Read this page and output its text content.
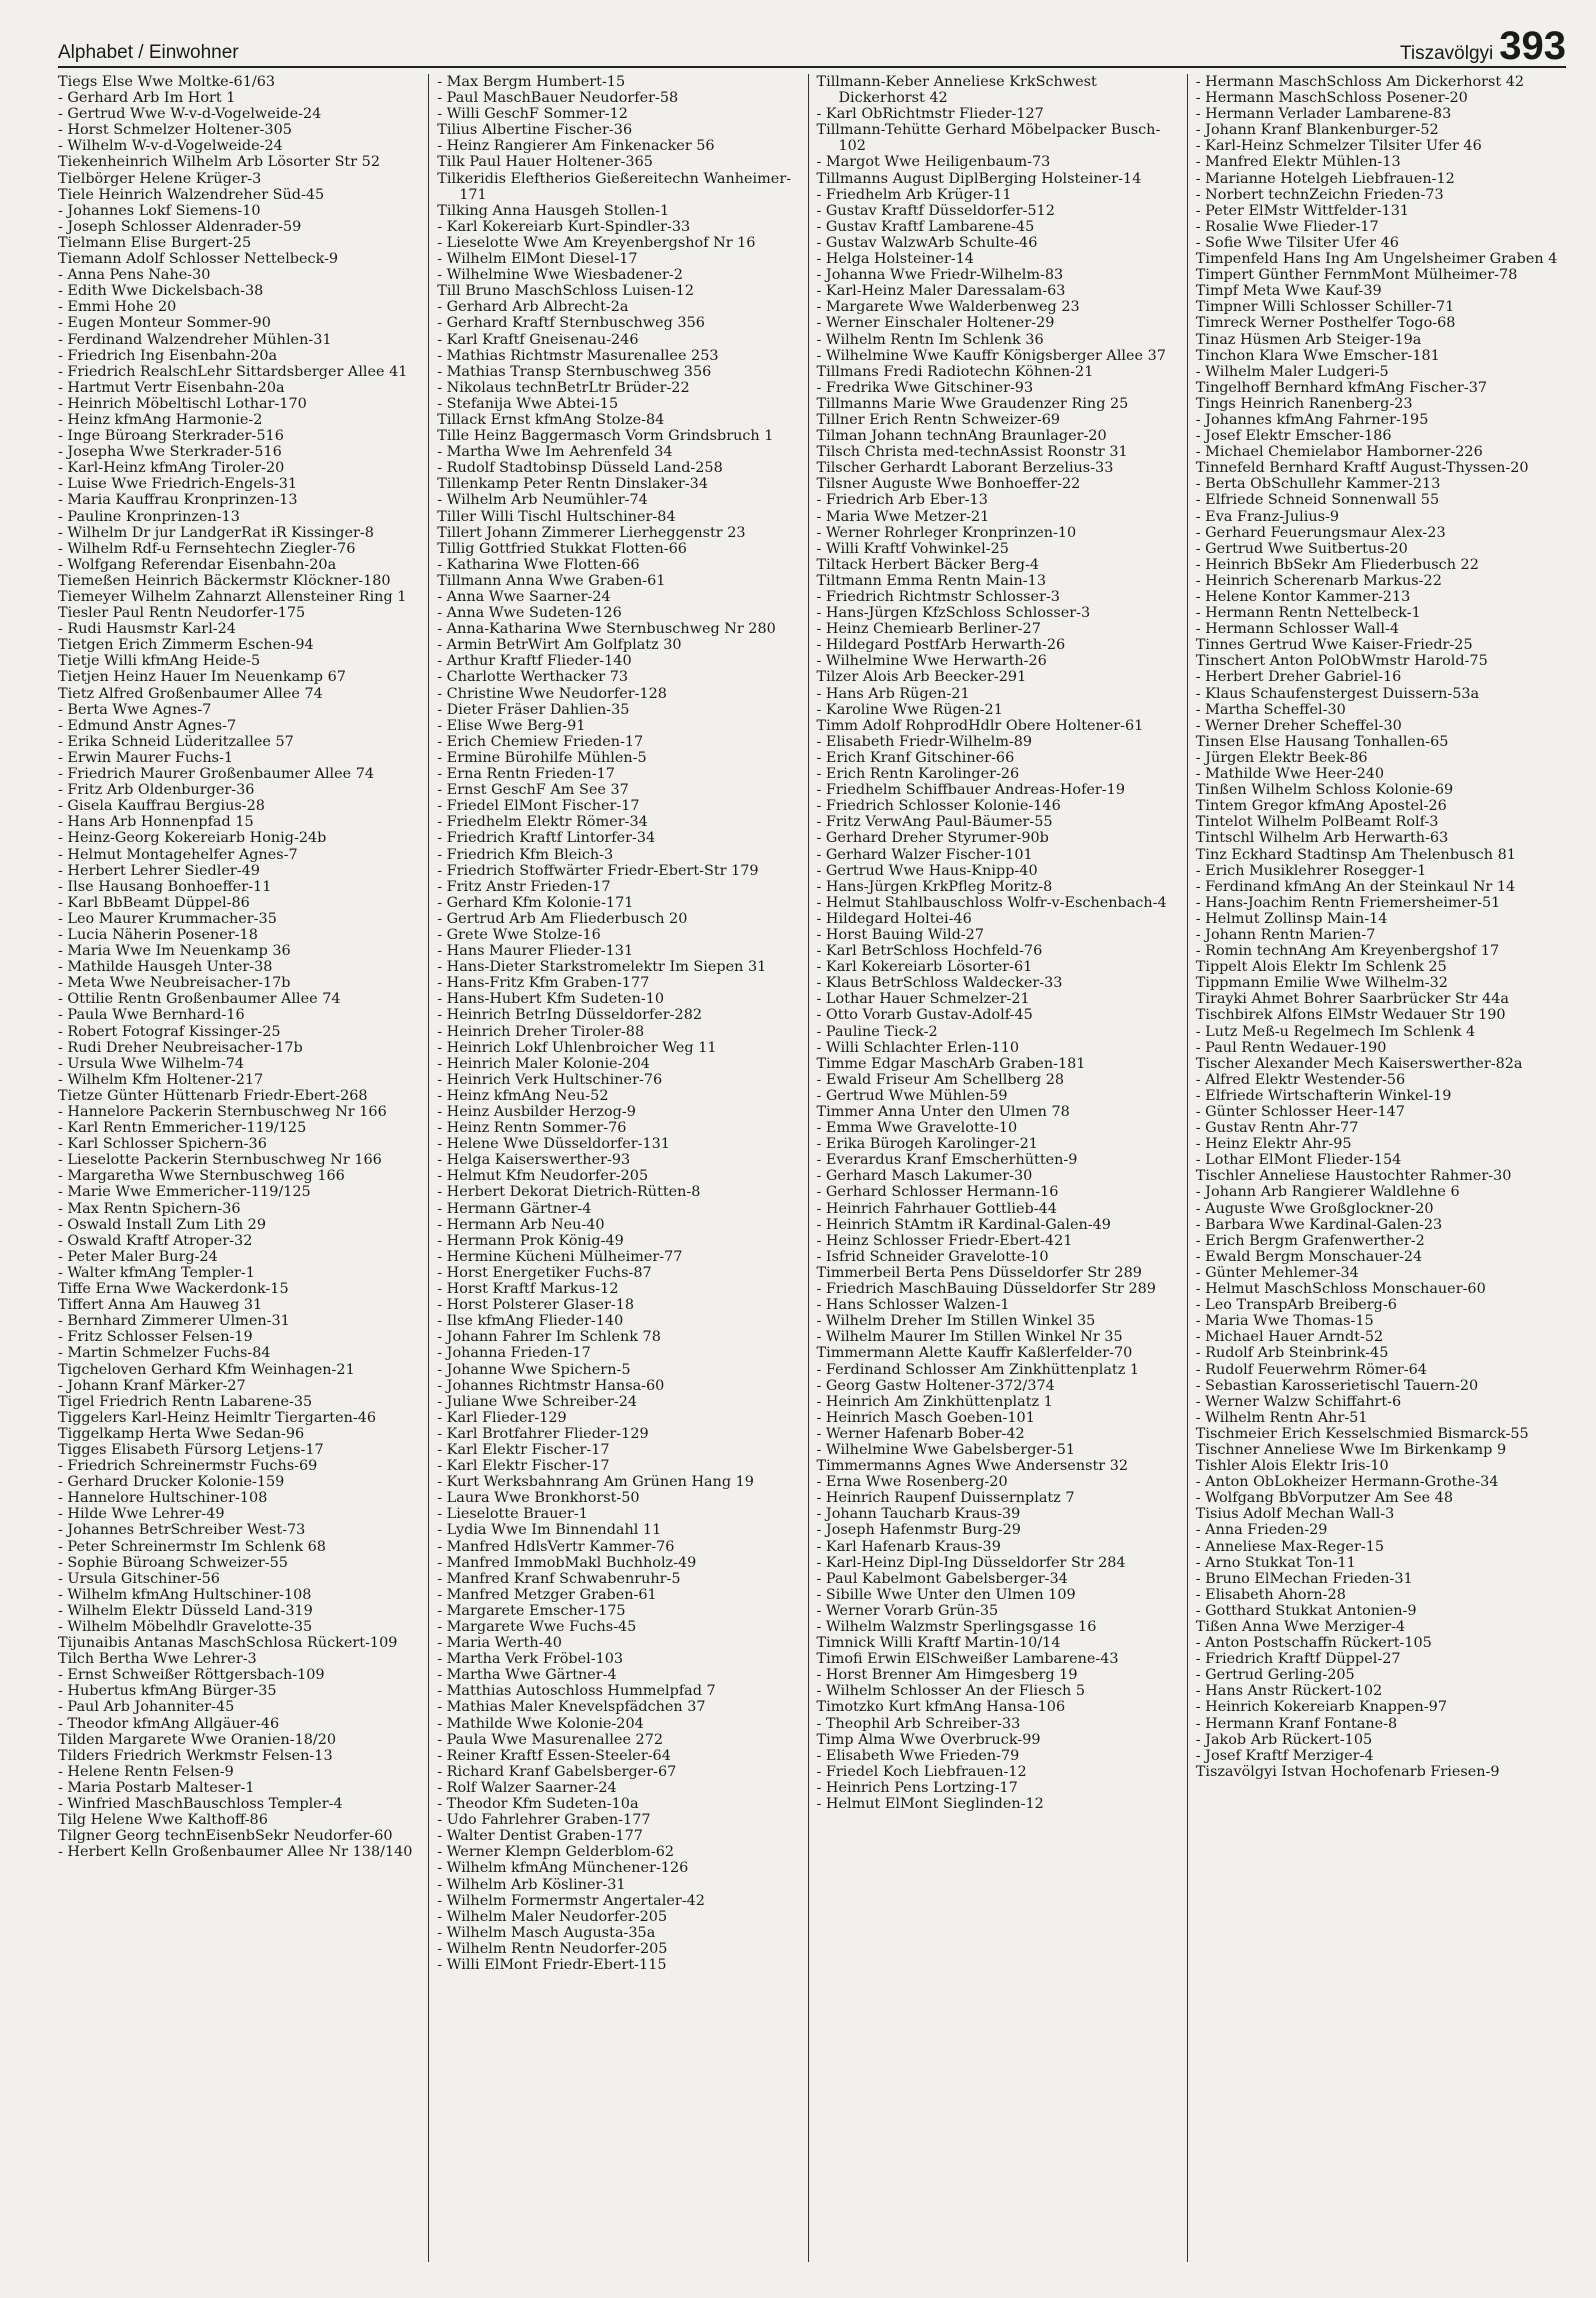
Alphabet / Einwohner	Tiszavölgyi 393
Tiegs Else Wwe Moltke-61/63
- Gerhard Arb Im Hort 1
- Gertrud Wwe W-v-d-Vogelweide-24
- Horst Schmelzer Holtener-305
- Wilhelm W-v-d-Vogelweide-24
Tiekenheinrich Wilhelm Arb Lösorter Str 52
Tielbörger Helene Krüger-3
Tiele Heinrich Walzendreher Süd-45
- Johannes Lokf Siemens-10
- Joseph Schlosser Aldenrader-59
Tielmann Elise Burgert-25
Tiemann Adolf Schlosser Nettelbeck-9
- Anna Pens Nahe-30
- Edith Wwe Dickelsbach-38
- Emmi Hohe 20
- Eugen Monteur Sommer-90
- Ferdinand Walzendreher Mühlen-31
- Friedrich Ing Eisenbahn-20a
- Friedrich RealschLehr Sittardsberger Allee 41
- Hartmut Vertr Eisenbahn-20a
- Heinrich Möbeltischl Lothar-170
- Heinz kfmAng Harmonie-2
- Inge Büroang Sterkrader-516
- Josepha Wwe Sterkrader-516
- Karl-Heinz kfmAng Tiroler-20
- Luise Wwe Friedrich-Engels-31
- Maria Kauffrau Kronprinzen-13
- Pauline Kronprinzen-13
- Wilhelm Dr jur LandgerRat iR Kissinger-8
- Wilhelm Rdf-u Fernsehtechn Ziegler-76
- Wolfgang Referendar Eisenbahn-20a
Tiemeßen Heinrich Bäckermstr Klöckner-180
Tiemeyer Wilhelm Zahnarzt Allensteiner Ring 1
Tiesler Paul Rentn Neudorfer-175
- Rudi Hausmstr Karl-24
Tietgen Erich Zimmerm Eschen-94
Tietje Willi kfmAng Heide-5
Tietjen Heinz Hauer Im Neuenkamp 67
Tietz Alfred Großenbaumer Allee 74
- Berta Wwe Agnes-7
- Edmund Anstr Agnes-7
- Erika Schneid Lüderitzallee 57
- Erwin Maurer Fuchs-1
- Friedrich Maurer Großenbaumer Allee 74
- Fritz Arb Oldenburger-36
- Gisela Kauffrau Bergius-28
- Hans Arb Honnenpfad 15
- Heinz-Georg Kokereiarb Honig-24b
- Helmut Montagehelfer Agnes-7
- Herbert Lehrer Siedler-49
- Ilse Hausang Bonhoeffer-11
- Karl BbBeamt Düppel-86
- Leo Maurer Krummacher-35
- Lucia Näherin Posener-18
- Maria Wwe Im Neuenkamp 36
- Mathilde Hausgeh Unter-38
- Meta Wwe Neubreisacher-17b
- Ottilie Rentn Großenbaumer Allee 74
- Paula Wwe Bernhard-16
- Robert Fotograf Kissinger-25
- Rudi Dreher Neubreisacher-17b
- Ursula Wwe Wilhelm-74
- Wilhelm Kfm Holtener-217
Tietze Günter Hüttenarb Friedr-Ebert-268
- Hannelore Packerin Sternbuschweg Nr 166
- Karl Rentn Emmericher-119/125
- Karl Schlosser Spichern-36
- Lieselotte Packerin Sternbuschweg Nr 166
- Margaretha Wwe Sternbuschweg 166
- Marie Wwe Emmericher-119/125
- Max Rentn Spichern-36
- Oswald Install Zum Lith 29
- Oswald Kraftf Atroper-32
- Peter Maler Burg-24
- Walter kfmAng Templer-1
Tiffe Erna Wwe Wackerdonk-15
Tiffert Anna Am Hauweg 31
- Bernhard Zimmerer Ulmen-31
- Fritz Schlosser Felsen-19
- Martin Schmelzer Fuchs-84
Tigcheloven Gerhard Kfm Weinhagen-21
- Johann Kranf Märker-27
Tigel Friedrich Rentn Labarene-35
Tiggelers Karl-Heinz Heimltr Tiergarten-46
Tiggelkamp Herta Wwe Sedan-96
Tigges Elisabeth Fürsorg Letjens-17
- Friedrich Schreinermstr Fuchs-69
- Gerhard Drucker Kolonie-159
- Hannelore Hultschiner-108
- Hilde Wwe Lehrer-49
- Johannes BetrSchreiber West-73
- Peter Schreinermstr Im Schlenk 68
- Sophie Büroang Schweizer-55
- Ursula Gitschiner-56
- Wilhelm kfmAng Hultschiner-108
- Wilhelm Elektr Düsseld Land-319
- Wilhelm Möbelhdlr Gravelotte-35
Tijunaibis Antanas MaschSchlosa Rückert-109
Tilch Bertha Wwe Lehrer-3
- Ernst Schweißer Röttgersbach-109
- Hubertus kfmAng Bürger-35
- Paul Arb Johanniter-45
- Theodor kfmAng Allgäuer-46
Tilden Margarete Wwe Oranien-18/20
Tilders Friedrich Werkmstr Felsen-13
- Helene Rentn Felsen-9
- Maria Postarb Malteser-1
- Winfried MaschBauschloss Templer-4
Tilg Helene Wwe Kalthoff-86
Tilgner Georg technEisenbSekr Neudorfer-60
- Herbert Kelln Großenbaumer Allee Nr 138/140
- Max Bergm Humbert-15
- Paul MaschBauer Neudorfer-58
- Willi GeschF Sommer-12
Tilius Albertine Fischer-36
- Heinz Rangierer Am Finkenacker 56
Tilk Paul Hauer Holtener-365
Tilkeridis Eleftherios Gießereitechn Wanheimer-171
Tilking Anna Hausgeh Stollen-1
- Karl Kokereiarb Kurt-Spindler-33
- Lieselotte Wwe Am Kreyenbergshof Nr 16
- Wilhelm ElMont Diesel-17
- Wilhelmine Wwe Wiesbadener-2
Till Bruno MaschSchloss Luisen-12
- Gerhard Arb Albrecht-2a
- Gerhard Kraftf Sternbuschweg 356
- Karl Kraftf Gneisenau-246
- Mathias Richtmstr Masurenallee 253
- Mathias Transp Sternbuschweg 356
- Nikolaus technBetrLtr Brüder-22
- Stefanija Wwe Abtei-15
Tillack Ernst kfmAng Stolze-84
Tille Heinz Baggermasch Vorm Grindsbruch 1
- Martha Wwe Im Aehrenfeld 34
- Rudolf Stadtobinsp Düsseld Land-258
Tillenkamp Peter Rentn Dinslaker-34
- Wilhelm Arb Neumühler-74
Tiller Willi Tischl Hultschiner-84
Tillert Johann Zimmerer Lierheggenstr 23
Tillig Gottfried Stukkat Flotten-66
- Katharina Wwe Flotten-66
Tillmann Anna Wwe Graben-61
- Anna Wwe Saarner-24
- Anna Wwe Sudeten-126
- Anna-Katharina Wwe Sternbuschweg Nr 280
- Armin BetrWirt Am Golfplatz 30
- Arthur Kraftf Flieder-140
- Charlotte Werthacker 73
- Christine Wwe Neudorfer-128
- Dieter Fräser Dahlien-35
- Elise Wwe Berg-91
- Erich Chemiew Frieden-17
- Ermine Bürohilfe Mühlen-5
- Erna Rentn Frieden-17
- Ernst GeschF Am See 37
- Friedel ElMont Fischer-17
- Friedhelm Elektr Römer-34
- Friedrich Kraftf Lintorfer-34
- Friedrich Kfm Bleich-3
- Friedrich Stoffwärter Friedr-Ebert-Str 179
- Fritz Anstr Frieden-17
- Gerhard Kfm Kolonie-171
- Gertrud Arb Am Fliederbusch 20
- Grete Wwe Stolze-16
- Hans Maurer Flieder-131
- Hans-Dieter Starkstromelektr Im Siepen 31
- Hans-Fritz Kfm Graben-177
- Hans-Hubert Kfm Sudeten-10
- Heinrich BetrIng Düsseldorfer-282
- Heinrich Dreher Tiroler-88
- Heinrich Lokf Uhlenbroicher Weg 11
- Heinrich Maler Kolonie-204
- Heinrich Verk Hultschiner-76
- Heinz kfmAng Neu-52
- Heinz Ausbilder Herzog-9
- Heinz Rentn Sommer-76
- Helene Wwe Düsseldorfer-131
- Helga Kaiserswerther-93
- Helmut Kfm Neudorfer-205
- Herbert Dekorat Dietrich-Rütten-8
- Hermann Gärtner-4
- Hermann Arb Neu-40
- Hermann Prok König-49
- Hermine Kücheni Mülheimer-77
- Horst Energetiker Fuchs-87
- Horst Kraftf Markus-12
- Horst Polsterer Glaser-18
- Ilse kfmAng Flieder-140
- Johann Fahrer Im Schlenk 78
- Johanna Frieden-17
- Johanne Wwe Spichern-5
- Johannes Richtmstr Hansa-60
- Juliane Wwe Schreiber-24
- Karl Flieder-129
- Karl Brotfahrer Flieder-129
- Karl Elektr Fischer-17
- Karl Elektr Fischer-17
- Kurt Werksbahnrang Am Grünen Hang 19
- Laura Wwe Bronkhorst-50
- Lieselotte Brauer-1
- Lydia Wwe Im Binnendahl 11
- Manfred HdlsVertr Kammer-76
- Manfred ImmobMakl Buchholz-49
- Manfred Kranf Schwabenruhr-5
- Manfred Metzger Graben-61
- Margarete Emscher-175
- Margarete Wwe Fuchs-45
- Maria Werth-40
- Martha Verk Fröbel-103
- Martha Wwe Gärtner-4
- Matthias Autoschloss Hummelpfad 7
- Mathias Maler Knevelspfädchen 37
- Mathilde Wwe Kolonie-204
- Paula Wwe Masurenallee 272
- Reiner Kraftf Essen-Steeler-64
- Richard Kranf Gabelsberger-67
- Rolf Walzer Saarner-24
- Theodor Kfm Sudeten-10a
- Udo Fahrlehrer Graben-177
- Walter Dentist Graben-177
- Werner Klempn Gelderblom-62
- Wilhelm kfmAng Münchener-126
- Wilhelm Arb Kösliner-31
- Wilhelm Formermstr Angertaler-42
- Wilhelm Maler Neudorfer-205
- Wilhelm Masch Augusta-35a
- Wilhelm Rentn Neudorfer-205
- Willi ElMont Friedr-Ebert-115
Tillmann-Keber Anneliese KrkSchwest Dickerhorst 42
- Karl ObRichtmstr Flieder-127
Tillmann-Tehütte Gerhard Möbelpacker Busch-102
- Margot Wwe Heiligenbaum-73
Tillmanns August DiplBerging Holsteiner-14
- Friedhelm Arb Krüger-11
- Gustav Kraftf Düsseldorfer-512
- Gustav Kraftf Lambarene-45
- Gustav WalzwArb Schulte-46
- Helga Holsteiner-14
- Johanna Wwe Friedr-Wilhelm-83
- Karl-Heinz Maler Daressalam-63
- Margarete Wwe Walderbenweg 23
- Werner Einschaler Holtener-29
- Wilhelm Rentn Im Schlenk 36
- Wilhelmine Wwe Kauffr Königsberger Allee 37
Tillmans Fredi Radiotechn Köhnen-21
- Fredrika Wwe Gitschiner-93
Tillmanns Marie Wwe Graudenzer Ring 25
Tillner Erich Rentn Schweizer-69
Tilman Johann technAng Braunlager-20
Tilsch Christa med-technAssist Roonstr 31
Tilscher Gerhardt Laborant Berzelius-33
Tilsner Auguste Wwe Bonhoeffer-22
- Friedrich Arb Eber-13
- Maria Wwe Metzer-21
- Werner Rohrleger Kronprinzen-10
- Willi Kraftf Vohwinkel-25
Tiltack Herbert Bäcker Berg-4
Tiltmann Emma Rentn Main-13
- Friedrich Richtmstr Schlosser-3
- Hans-Jürgen KfzSchloss Schlosser-3
- Heinz Chemiearb Berliner-27
- Hildegard PostfArb Herwarth-26
- Wilhelmine Wwe Herwarth-26
Tilzer Alois Arb Beecker-291
- Hans Arb Rügen-21
- Karoline Wwe Rügen-21
Timm Adolf RohprodHdlr Obere Holtener-61
- Elisabeth Friedr-Wilhelm-89
- Erich Kranf Gitschiner-66
- Erich Rentn Karolinger-26
- Friedhelm Schiffbauer Andreas-Hofer-19
- Friedrich Schlosser Kolonie-146
- Fritz VerwAng Paul-Bäumer-55
- Gerhard Dreher Styrumer-90b
- Gerhard Walzer Fischer-101
- Gertrud Wwe Haus-Knipp-40
- Hans-Jürgen KrkPfleg Moritz-8
- Helmut Stahlbauschloss Wolfr-v-Eschenbach-4
- Hildegard Holtei-46
- Horst Bauing Wild-27
- Karl BetrSchloss Hochfeld-76
- Karl Kokereiarb Lösorter-61
- Klaus BetrSchloss Waldecker-33
- Lothar Hauer Schmelzer-21
- Otto Vorarb Gustav-Adolf-45
- Pauline Tieck-2
- Willi Schlachter Erlen-110
Timme Edgar MaschArb Graben-181
- Ewald Friseur Am Schellberg 28
- Gertrud Wwe Mühlen-59
Timmer Anna Unter den Ulmen 78
- Emma Wwe Gravelotte-10
- Erika Bürogeh Karolinger-21
- Everardus Kranf Emscherhütten-9
- Gerhard Masch Lakumer-30
- Gerhard Schlosser Hermann-16
- Heinrich Fahrhauer Gottlieb-44
- Heinrich StAmtm iR Kardinal-Galen-49
- Heinz Schlosser Friedr-Ebert-421
- Isfrid Schneider Gravelotte-10
Timmerbeil Berta Pens Düsseldorfer Str 289
- Friedrich MaschBauing Düsseldorfer Str 289
- Hans Schlosser Walzen-1
- Wilhelm Dreher Im Stillen Winkel 35
- Wilhelm Maurer Im Stillen Winkel Nr 35
Timmermann Alette Kauffr Kaßlerfelder-70
- Ferdinand Schlosser Am Zinkhüttenplatz 1
- Georg Gastw Holtener-372/374
- Heinrich Am Zinkhüttenplatz 1
- Heinrich Masch Goeben-101
- Werner Hafenarb Bober-42
- Wilhelmine Wwe Gabelsberger-51
Timmermanns Agnes Wwe Andersenstr 32
- Erna Wwe Rosenberg-20
- Heinrich Raupenf Duissernplatz 7
- Johann Taucharb Kraus-39
- Joseph Hafenmstr Burg-29
- Karl Hafenarb Kraus-39
- Karl-Heinz Dipl-Ing Düsseldorfer Str 284
- Paul Kabelmont Gabelsberger-34
- Sibille Wwe Unter den Ulmen 109
- Werner Vorarb Grün-35
- Wilhelm Walzmstr Sperlingsgasse 16
Timnick Willi Kraftf Martin-10/14
Timofi Erwin ElSchweißer Lambarene-43
- Horst Brenner Am Himgesberg 19
- Wilhelm Schlosser An der Fliesch 5
Timotzko Kurt kfmAng Hansa-106
- Theophil Arb Schreiber-33
Timp Alma Wwe Overbruck-99
- Elisabeth Wwe Frieden-79
- Friedel Koch Liebfrauen-12
- Heinrich Pens Lortzing-17
- Helmut ElMont Sieglinden-12
- Hermann MaschSchloss Am Dickerhorst 42
- Hermann MaschSchloss Posener-20
- Hermann Verlader Lambarene-83
- Johann Kranf Blankenburger-52
- Karl-Heinz Schmelzer Tilsiter Ufer 46
- Manfred Elektr Mühlen-13
- Marianne Hotelgeh Liebfrauen-12
- Norbert technZeichn Frieden-73
- Peter ElMstr Wittfelder-131
- Rosalie Wwe Flieder-17
- Sofie Wwe Tilsiter Ufer 46
Timpenfeld Hans Ing Am Ungelsheimer Graben 4
Timpert Günther FernmMont Mülheimer-78
Timpf Meta Wwe Kauf-39
Timpner Willi Schlosser Schiller-71
Timreck Werner Posthelfer Togo-68
Tinaz Hüsmen Arb Steiger-19a
Tinchon Klara Wwe Emscher-181
- Wilhelm Maler Ludgeri-5
Tingelhoff Bernhard kfmAng Fischer-37
Tings Heinrich Ranenberg-23
- Johannes kfmAng Fahrner-195
- Josef Elektr Emscher-186
- Michael Chemielabor Hamborner-226
Tinnefeld Bernhard Kraftf August-Thyssen-20
- Berta ObSchullehr Kammer-213
- Elfriede Schneid Sonnenwall 55
- Eva Franz-Julius-9
- Gerhard Feuerungsmaur Alex-23
- Gertrud Wwe Suitbertus-20
- Heinrich BbSekr Am Fliederbusch 22
- Heinrich Scherenarb Markus-22
- Helene Kontor Kammer-213
- Hermann Rentn Nettelbeck-1
- Hermann Schlosser Wall-4
Tinnes Gertrud Wwe Kaiser-Friedr-25
Tinschert Anton PolObWmstr Harold-75
- Herbert Dreher Gabriel-16
- Klaus Schaufenstergest Duissern-53a
- Martha Scheffel-30
- Werner Dreher Scheffel-30
Tinsen Else Hausang Tonhallen-65
- Jürgen Elektr Beek-86
- Mathilde Wwe Heer-240
Tinßen Wilhelm Schloss Kolonie-69
Tintem Gregor kfmAng Apostel-26
Tintelot Wilhelm PolBeamt Rolf-3
Tintschl Wilhelm Arb Herwarth-63
Tinz Eckhard Stadtinsp Am Thelenbusch 81
- Erich Musiklehrer Rosegger-1
- Ferdinand kfmAng An der Steinkaul Nr 14
- Hans-Joachim Rentn Friemersheimer-51
- Helmut Zollinsp Main-14
- Johann Rentn Marien-7
- Romin technAng Am Kreyenbergshof 17
Tippelt Alois Elektr Im Schlenk 25
Tippmann Emilie Wwe Wilhelm-32
Tirayki Ahmet Bohrer Saarbrücker Str 44a
Tischbirek Alfons ElMstr Wedauer Str 190
- Lutz Meß-u Regelmech Im Schlenk 4
- Paul Rentn Wedauer-190
Tischer Alexander Mech Kaiserswerther-82a
- Alfred Elektr Westender-56
- Elfriede Wirtschafterin Winkel-19
- Günter Schlosser Heer-147
- Gustav Rentn Ahr-77
- Heinz Elektr Ahr-95
- Lothar ElMont Flieder-154
Tischler Anneliese Haustochter Rahmer-30
- Johann Arb Rangierer Waldlehne 6
- Auguste Wwe Großglockner-20
- Barbara Wwe Kardinal-Galen-23
- Erich Bergm Grafenwerther-2
- Ewald Bergm Monschauer-24
- Günter Mehlemer-34
- Helmut MaschSchloss Monschauer-60
- Leo TranspArb Breiberg-6
- Maria Wwe Thomas-15
- Michael Hauer Arndt-52
- Rudolf Arb Steinbrink-45
- Rudolf Feuerwehrm Römer-64
- Sebastian Karosserietischl Tauern-20
- Werner Walzw Schiffahrt-6
- Wilhelm Rentn Ahr-51
Tischmeier Erich Kesselschmied Bismarck-55
Tischner Anneliese Wwe Im Birkenkamp 9
Tishler Alois Elektr Iris-10
- Anton ObLokheizer Hermann-Grothe-34
- Wolfgang BbVorputzer Am See 48
Tisius Adolf Mechan Wall-3
- Anna Frieden-29
- Anneliese Max-Reger-15
- Arno Stukkat Ton-11
- Bruno ElMechan Frieden-31
- Elisabeth Ahorn-28
- Gotthard Stukkat Antonien-9
Tißen Anna Wwe Merziger-4
- Anton Postschaffn Rückert-105
- Friedrich Kraftf Düppel-27
- Gertrud Gerling-205
- Hans Anstr Rückert-102
- Heinrich Kokereiarb Knappen-97
- Hermann Kranf Fontane-8
- Jakob Arb Rückert-105
- Josef Kraftf Merziger-4
Tiszavölgyi Istvan Hochofenarb Friesen-9
